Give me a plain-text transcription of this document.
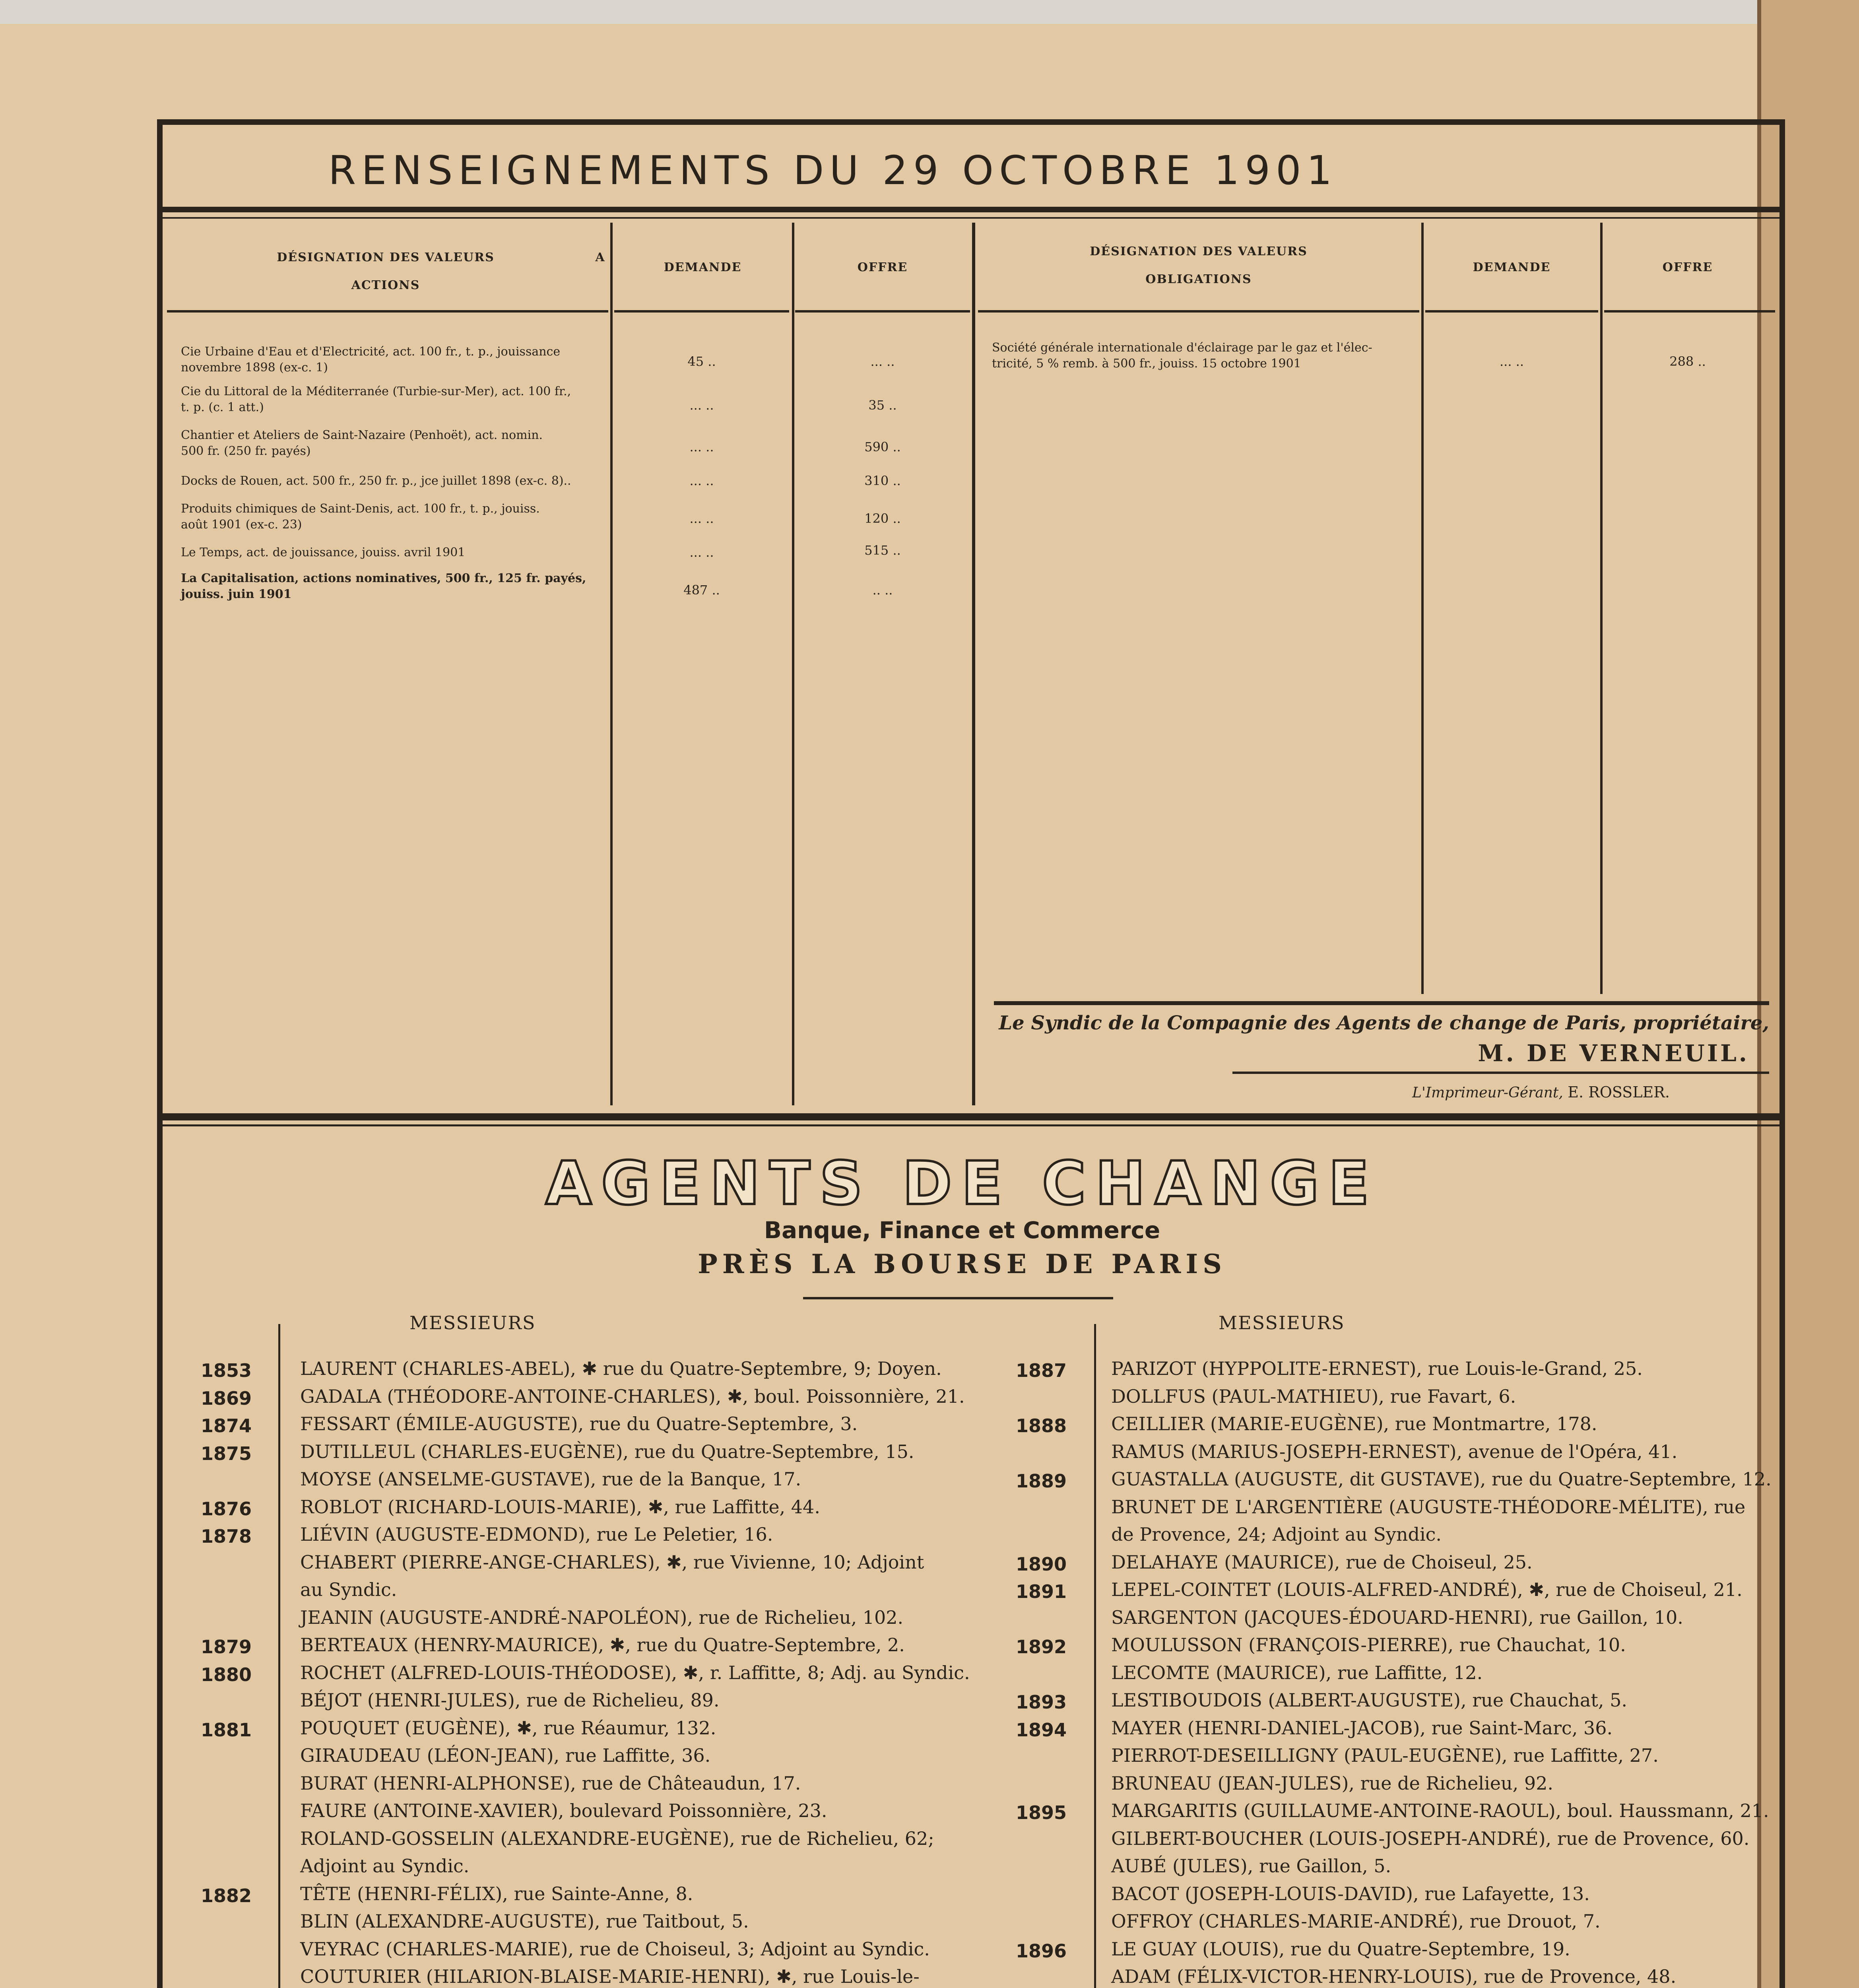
RENSEIGNEMENTS DU 29 OCTOBRE 1901
DÉSIGNATION DES VALEURS	A
ACTIONS
DEMANDE	OFFRE
DÉSIGNATION DES VALEURS
OBLIGATIONS
DEMANDE	OFFRE
Cie Urbaine d'Eau et d'Electricité, act. 100 fr., t. p., jouissance
novembre 1898 (ex-c. 1)	45 ..	... ..
Cie du Littoral de la Méditerranée (Turbie-sur-Mer), act. 100 fr.,
t. p. (c. 1 att.)	... ..	35 ..
Chantier et Ateliers de Saint-Nazaire (Penhoët), act. nomin.
500 fr. (250 fr. payés)	... ..	590 ..
Docks de Rouen, act. 500 fr., 250 fr. p., jce juillet 1898 (ex-c. 8)..	... ..	310 ..
Produits chimiques de Saint-Denis, act. 100 fr., t. p., jouiss.
août 1901 (ex-c. 23)	... ..	120 ..
Le Temps, act. de jouissance, jouiss. avril 1901	... ..	515 ..
La Capitalisation, actions nominatives, 500 fr., 125 fr. payés,
jouiss. juin 1901	487 ..	.. ..
Société générale internationale d'éclairage par le gaz et l'élec-
tricité, 5 % remb. à 500 fr., jouiss. 15 octobre 1901	... ..	288 ..
Le Syndic de la Compagnie des Agents de change de Paris, propriétaire,
M. DE VERNEUIL.
L'Imprimeur-Gérant, E. ROSSLER.
AGENTS DE CHANGE
Banque, Finance et Commerce
PRÈS LA BOURSE DE PARIS
MESSIEURS	MESSIEURS
1853	LAURENT (CHARLES-ABEL), ✱ rue du Quatre-Septembre, 9; Doyen.
1869	GADALA (THÉODORE-ANTOINE-CHARLES), ✱, boul. Poissonnière, 21.
1874	FESSART (ÉMILE-AUGUSTE), rue du Quatre-Septembre, 3.
1875	DUTILLEUL (CHARLES-EUGÈNE), rue du Quatre-Septembre, 15.
MOYSE (ANSELME-GUSTAVE), rue de la Banque, 17.
1876	ROBLOT (RICHARD-LOUIS-MARIE), ✱, rue Laffitte, 44.
1878	LIÉVIN (AUGUSTE-EDMOND), rue Le Peletier, 16.
CHABERT (PIERRE-ANGE-CHARLES), ✱, rue Vivienne, 10; Adjoint
au Syndic.
JEANIN (AUGUSTE-ANDRÉ-NAPOLÉON), rue de Richelieu, 102.
1879	BERTEAUX (HENRY-MAURICE), ✱, rue du Quatre-Septembre, 2.
1880	ROCHET (ALFRED-LOUIS-THÉODOSE), ✱, r. Laffitte, 8; Adj. au Syndic.
BÉJOT (HENRI-JULES), rue de Richelieu, 89.
1881	POUQUET (EUGÈNE), ✱, rue Réaumur, 132.
GIRAUDEAU (LÉON-JEAN), rue Laffitte, 36.
BURAT (HENRI-ALPHONSE), rue de Châteaudun, 17.
FAURE (ANTOINE-XAVIER), boulevard Poissonnière, 23.
ROLAND-GOSSELIN (ALEXANDRE-EUGÈNE), rue de Richelieu, 62;
Adjoint au Syndic.
1882	TÊTE (HENRI-FÉLIX), rue Sainte-Anne, 8.
BLIN (ALEXANDRE-AUGUSTE), rue Taitbout, 5.
VEYRAC (CHARLES-MARIE), rue de Choiseul, 3; Adjoint au Syndic.
COUTURIER (HILARION-BLAISE-MARIE-HENRI), ✱, rue Louis-le-
1887 PARIZOT (HYPPOLITE-ERNEST), rue Louis-le-Grand, 25.
DOLLFUS (PAUL-MATHIEU), rue Favart, 6.
1888 CEILLIER (MARIE-EUGÈNE), rue Montmartre, 178.
RAMUS (MARIUS-JOSEPH-ERNEST), avenue de l'Opéra, 41.
1889 GUASTALLA (AUGUSTE, dit GUSTAVE), rue du Quatre-Septembre, 12.
BRUNET DE L'ARGENTIÈRE (AUGUSTE-THÉODORE-MÉLITE), rue
de Provence, 24; Adjoint au Syndic.
1890 DELAHAYE (MAURICE), rue de Choiseul, 25.
1891 LEPEL-COINTET (LOUIS-ALFRED-ANDRÉ), ✱, rue de Choiseul, 21.
SARGENTON (JACQUES-ÉDOUARD-HENRI), rue Gaillon, 10.
1892 MOULUSSON (FRANÇOIS-PIERRE), rue Chauchat, 10.
LECOMTE (MAURICE), rue Laffitte, 12.
1893 LESTIBOUDOIS (ALBERT-AUGUSTE), rue Chauchat, 5.
1894 MAYER (HENRI-DANIEL-JACOB), rue Saint-Marc, 36.
PIERROT-DESEILLIGNY (PAUL-EUGÈNE), rue Laffitte, 27.
BRUNEAU (JEAN-JULES), rue de Richelieu, 92.
1895 MARGARITIS (GUILLAUME-ANTOINE-RAOUL), boul. Haussmann, 21.
GILBERT-BOUCHER (LOUIS-JOSEPH-ANDRÉ), rue de Provence, 60.
AUBÉ (JULES), rue Gaillon, 5.
BACOT (JOSEPH-LOUIS-DAVID), rue Lafayette, 13.
OFFROY (CHARLES-MARIE-ANDRÉ), rue Drouot, 7.
1896 LE GUAY (LOUIS), rue du Quatre-Septembre, 19.
ADAM (FÉLIX-VICTOR-HENRY-LOUIS), rue de Provence, 48.
